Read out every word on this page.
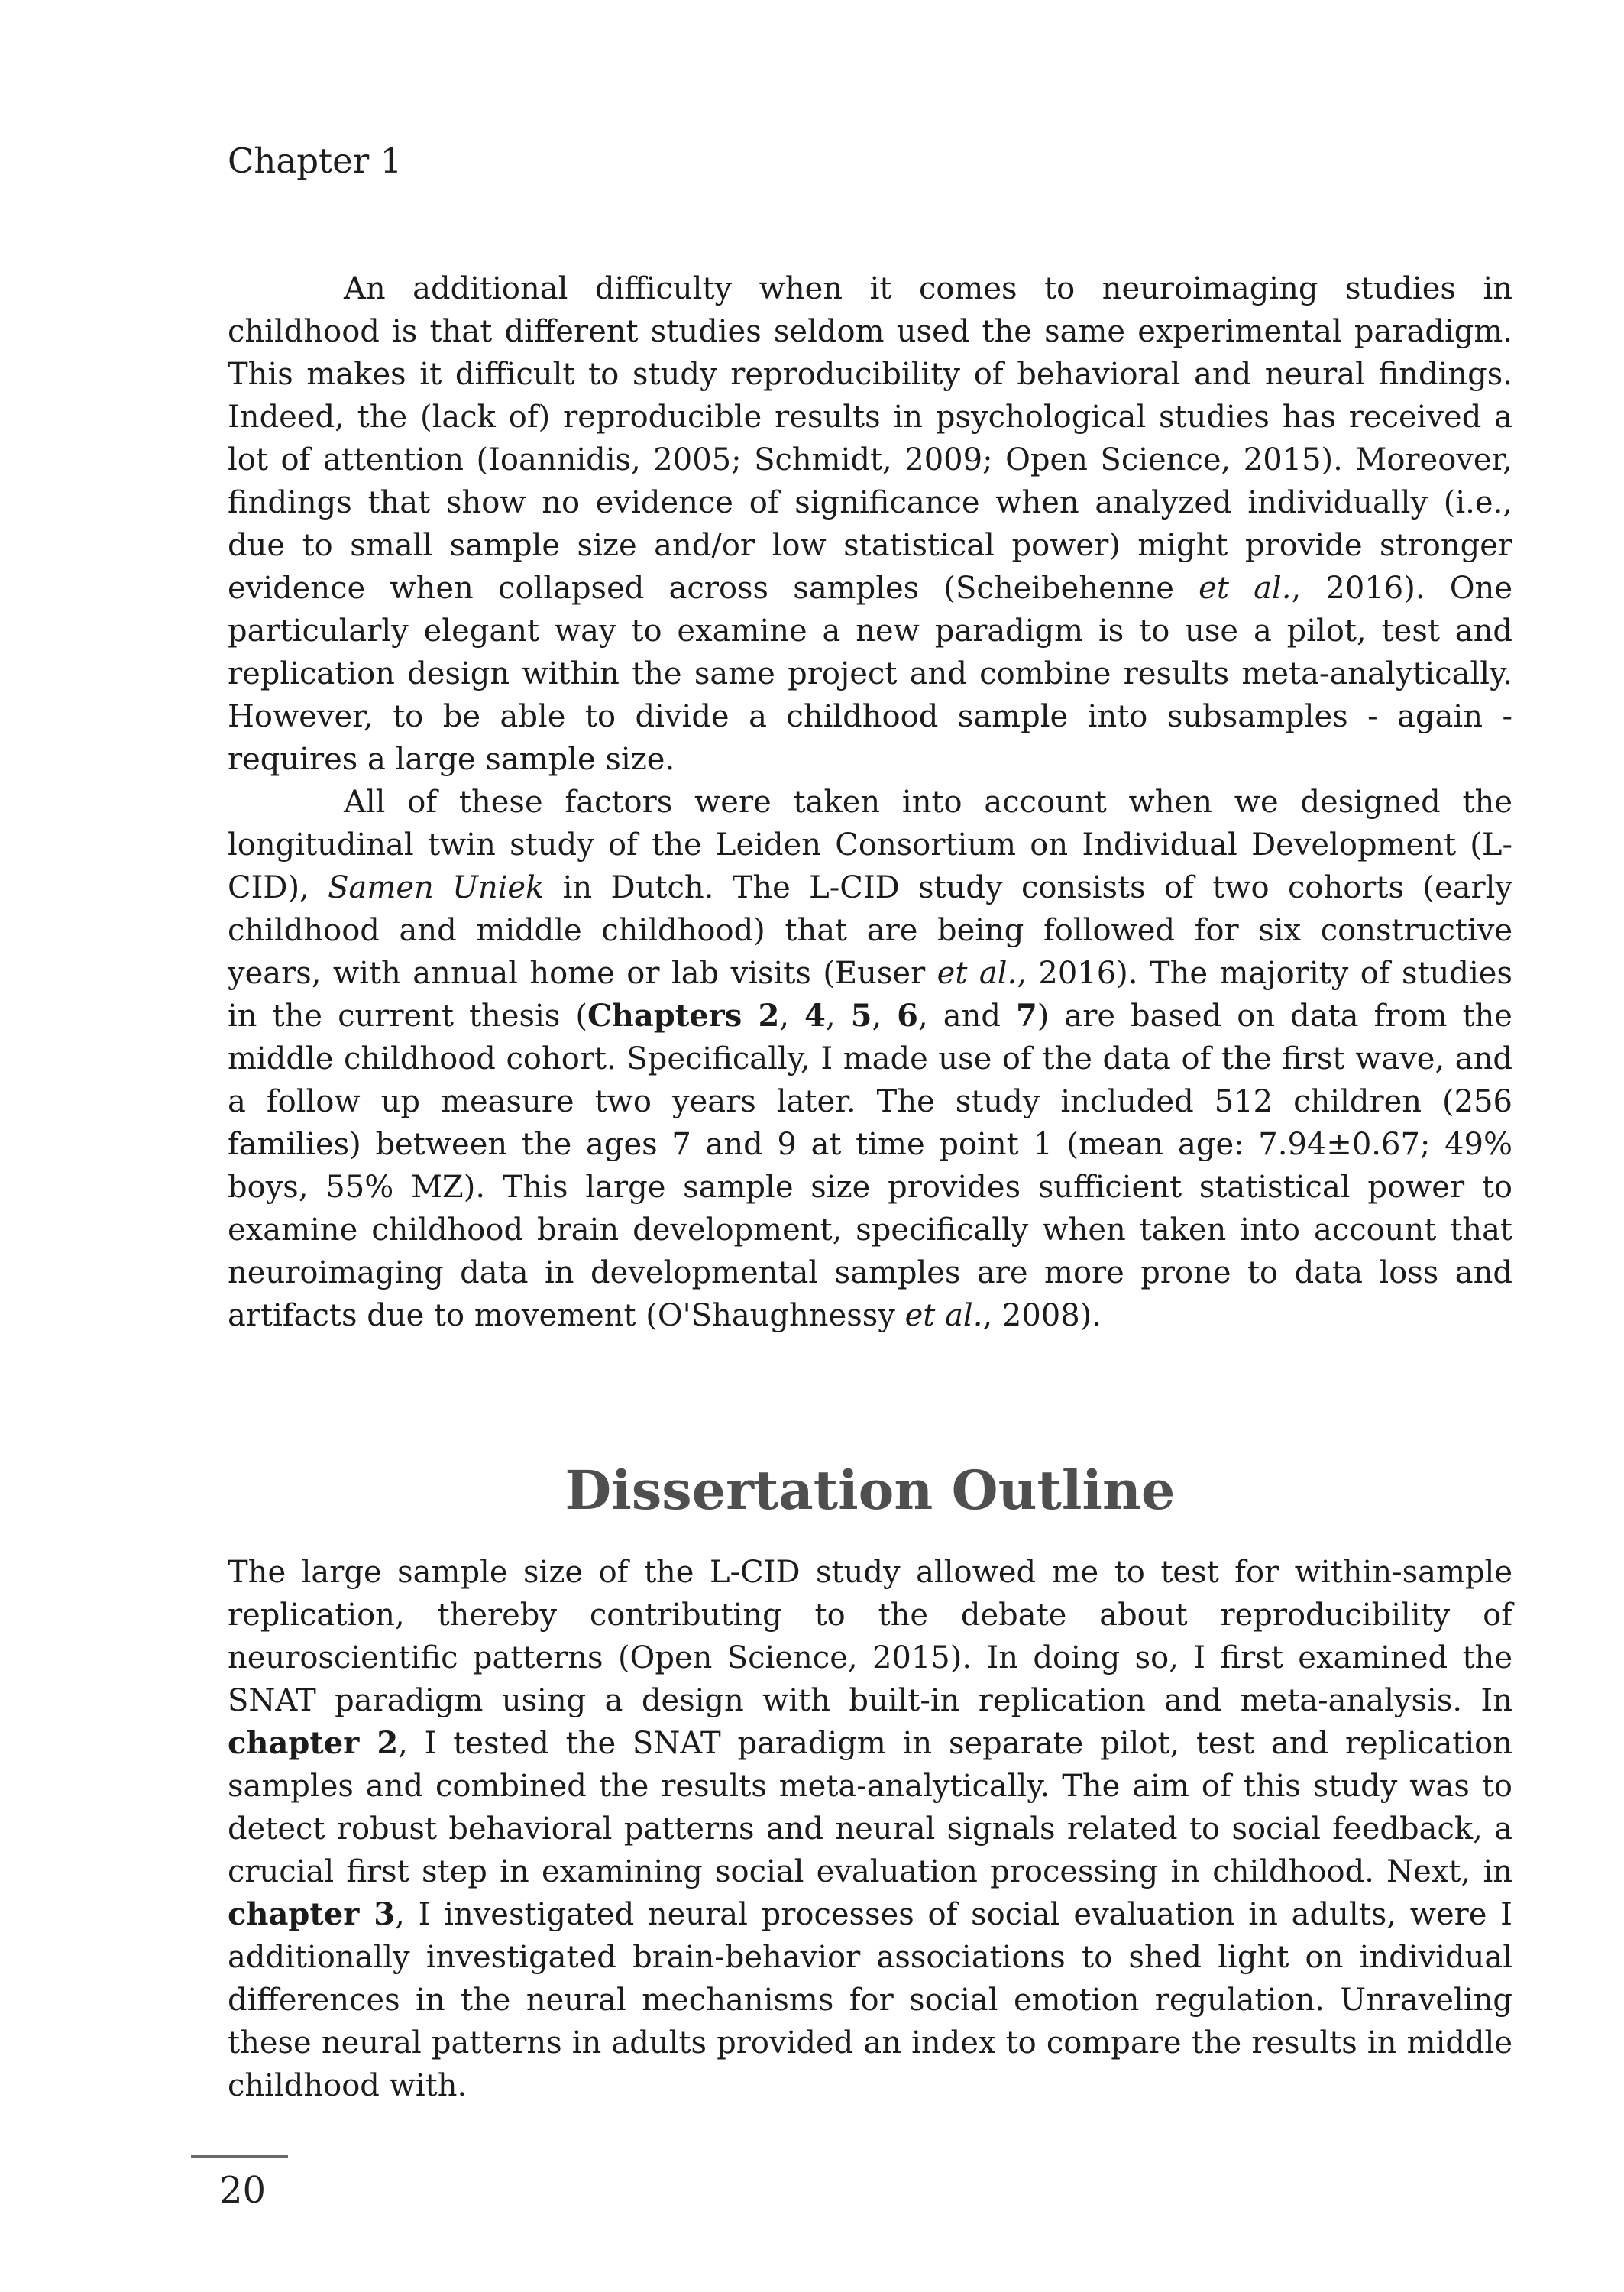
Chapter 1

An additional difficulty when it comes to neuroimaging studies in childhood is that different studies seldom used the same experimental paradigm. This makes it difficult to study reproducibility of behavioral and neural findings. Indeed, the (lack of) reproducible results in psychological studies has received a lot of attention (Ioannidis, 2005; Schmidt, 2009; Open Science, 2015). Moreover, findings that show no evidence of significance when analyzed individually (i.e., due to small sample size and/or low statistical power) might provide stronger evidence when collapsed across samples (Scheibehenne et al., 2016). One particularly elegant way to examine a new paradigm is to use a pilot, test and replication design within the same project and combine results meta-analytically. However, to be able to divide a childhood sample into subsamples - again - requires a large sample size.

All of these factors were taken into account when we designed the longitudinal twin study of the Leiden Consortium on Individual Development (L-CID), Samen Uniek in Dutch. The L-CID study consists of two cohorts (early childhood and middle childhood) that are being followed for six constructive years, with annual home or lab visits (Euser et al., 2016). The majority of studies in the current thesis (Chapters 2, 4, 5, 6, and 7) are based on data from the middle childhood cohort. Specifically, I made use of the data of the first wave, and a follow up measure two years later. The study included 512 children (256 families) between the ages 7 and 9 at time point 1 (mean age: 7.94±0.67; 49% boys, 55% MZ). This large sample size provides sufficient statistical power to examine childhood brain development, specifically when taken into account that neuroimaging data in developmental samples are more prone to data loss and artifacts due to movement (O'Shaughnessy et al., 2008).

Dissertation Outline

The large sample size of the L-CID study allowed me to test for within-sample replication, thereby contributing to the debate about reproducibility of neuroscientific patterns (Open Science, 2015). In doing so, I first examined the SNAT paradigm using a design with built-in replication and meta-analysis. In chapter 2, I tested the SNAT paradigm in separate pilot, test and replication samples and combined the results meta-analytically. The aim of this study was to detect robust behavioral patterns and neural signals related to social feedback, a crucial first step in examining social evaluation processing in childhood. Next, in chapter 3, I investigated neural processes of social evaluation in adults, were I additionally investigated brain-behavior associations to shed light on individual differences in the neural mechanisms for social emotion regulation. Unraveling these neural patterns in adults provided an index to compare the results in middle childhood with.

20
